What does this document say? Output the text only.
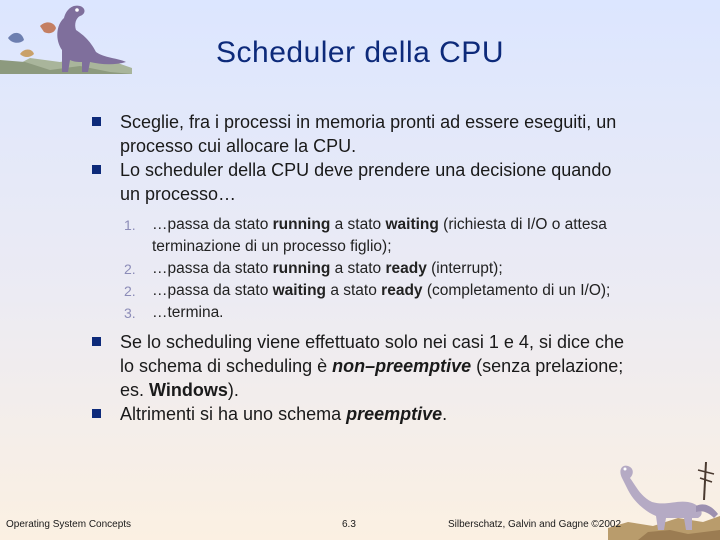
Scheduler della CPU
Sceglie, fra i processi in memoria pronti ad essere eseguiti, un processo cui allocare la CPU.
Lo scheduler della CPU deve prendere una decisione quando un processo…
1. …passa da stato running a stato waiting (richiesta di I/O o attesa terminazione di un processo figlio);
2. …passa da stato running a stato ready (interrupt);
2. …passa da stato waiting a stato ready (completamento di un I/O);
3. …termina.
Se lo scheduling viene effettuato solo nei casi 1 e 4, si dice che lo schema di scheduling è non–preemptive (senza prelazione; es. Windows).
Altrimenti si ha uno schema preemptive.
Operating System Concepts	6.3	Silberschatz, Galvin and Gagne ©2002
